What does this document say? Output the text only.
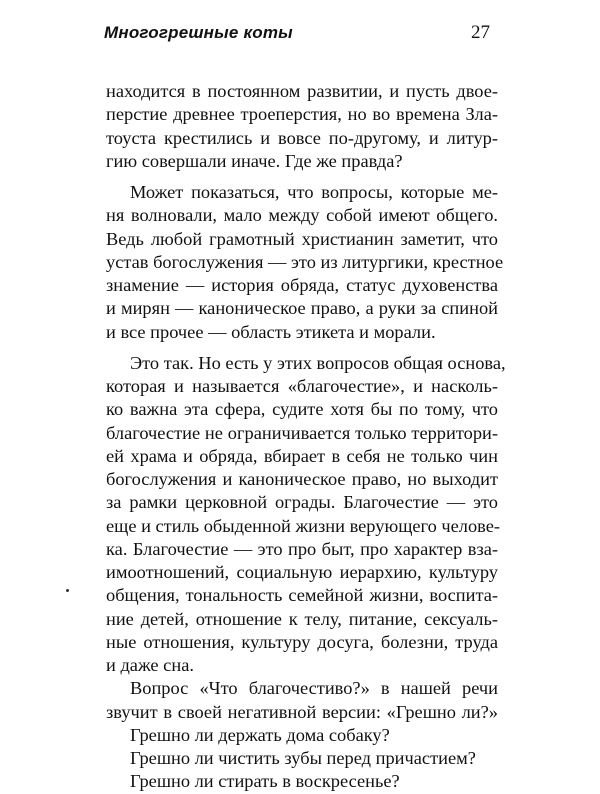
Многогрешные коты	27
находится в постоянном развитии, и пусть двое-
перстие древнее троеперстия, но во времена Зла-
тоуста крестились и вовсе по-другому, и литур-
гию совершали иначе. Где же правда?
Может показаться, что вопросы, которые ме-
ня волновали, мало между собой имеют общего.
Ведь любой грамотный христианин заметит, что
устав богослужения — это из литургики, крестное
знамение — история обряда, статус духовенства
и мирян — каноническое право, а руки за спиной
и все прочее — область этикета и морали.
Это так. Но есть у этих вопросов общая основа,
которая и называется «благочестие», и насколь-
ко важна эта сфера, судите хотя бы по тому, что
благочестие не ограничивается только территори-
ей храма и обряда, вбирает в себя не только чин
богослужения и каноническое право, но выходит
за рамки церковной ограды. Благочестие — это
еще и стиль обыденной жизни верующего челове-
ка. Благочестие — это про быт, про характер вза-
имоотношений, социальную иерархию, культуру
общения, тональность семейной жизни, воспита-
ние детей, отношение к телу, питание, сексуаль-
ные отношения, культуру досуга, болезни, труда
и даже сна.
Вопрос «Что благочестиво?» в нашей речи
звучит в своей негативной версии: «Грешно ли?»
Грешно ли держать дома собаку?
Грешно ли чистить зубы перед причастием?
Грешно ли стирать в воскресенье?
